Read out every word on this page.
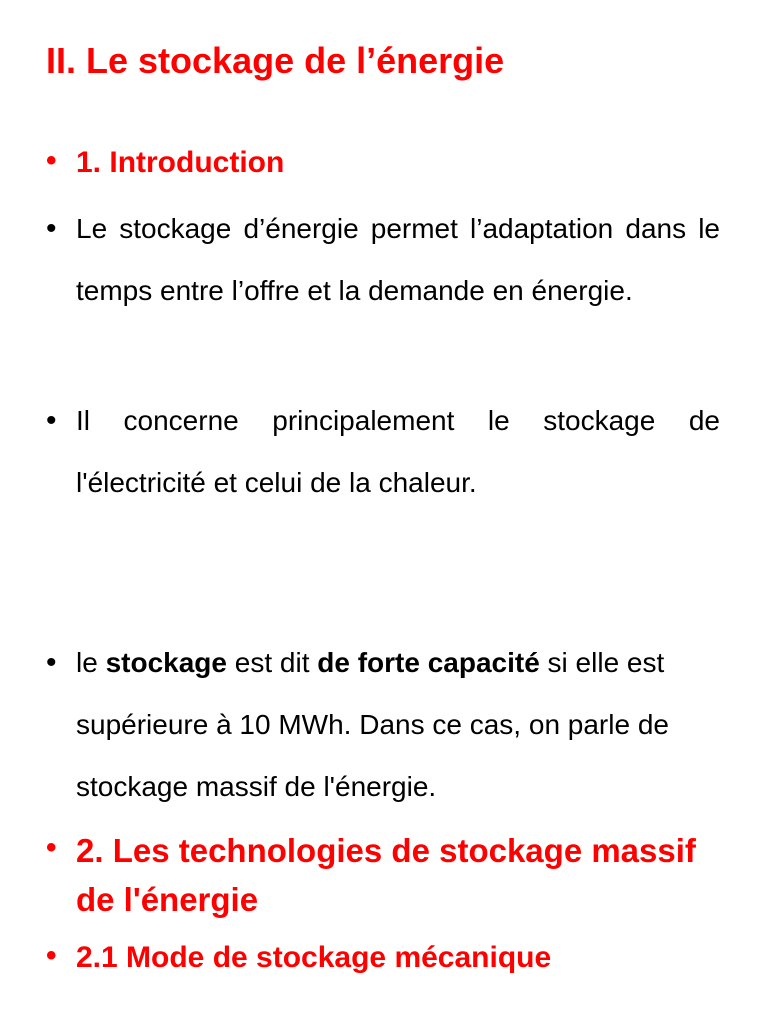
II. Le stockage de l’énergie
• 1. Introduction
• Le stockage d’énergie permet l’adaptation dans le temps entre l’offre et la demande en énergie.
• Il concerne principalement le stockage de l'électricité et celui de la chaleur.
• le stockage est dit de forte capacité si elle est supérieure à 10 MWh. Dans ce cas, on parle de stockage massif de l'énergie.
• 2. Les technologies de stockage massif de l'énergie
• 2.1 Mode de stockage mécanique
